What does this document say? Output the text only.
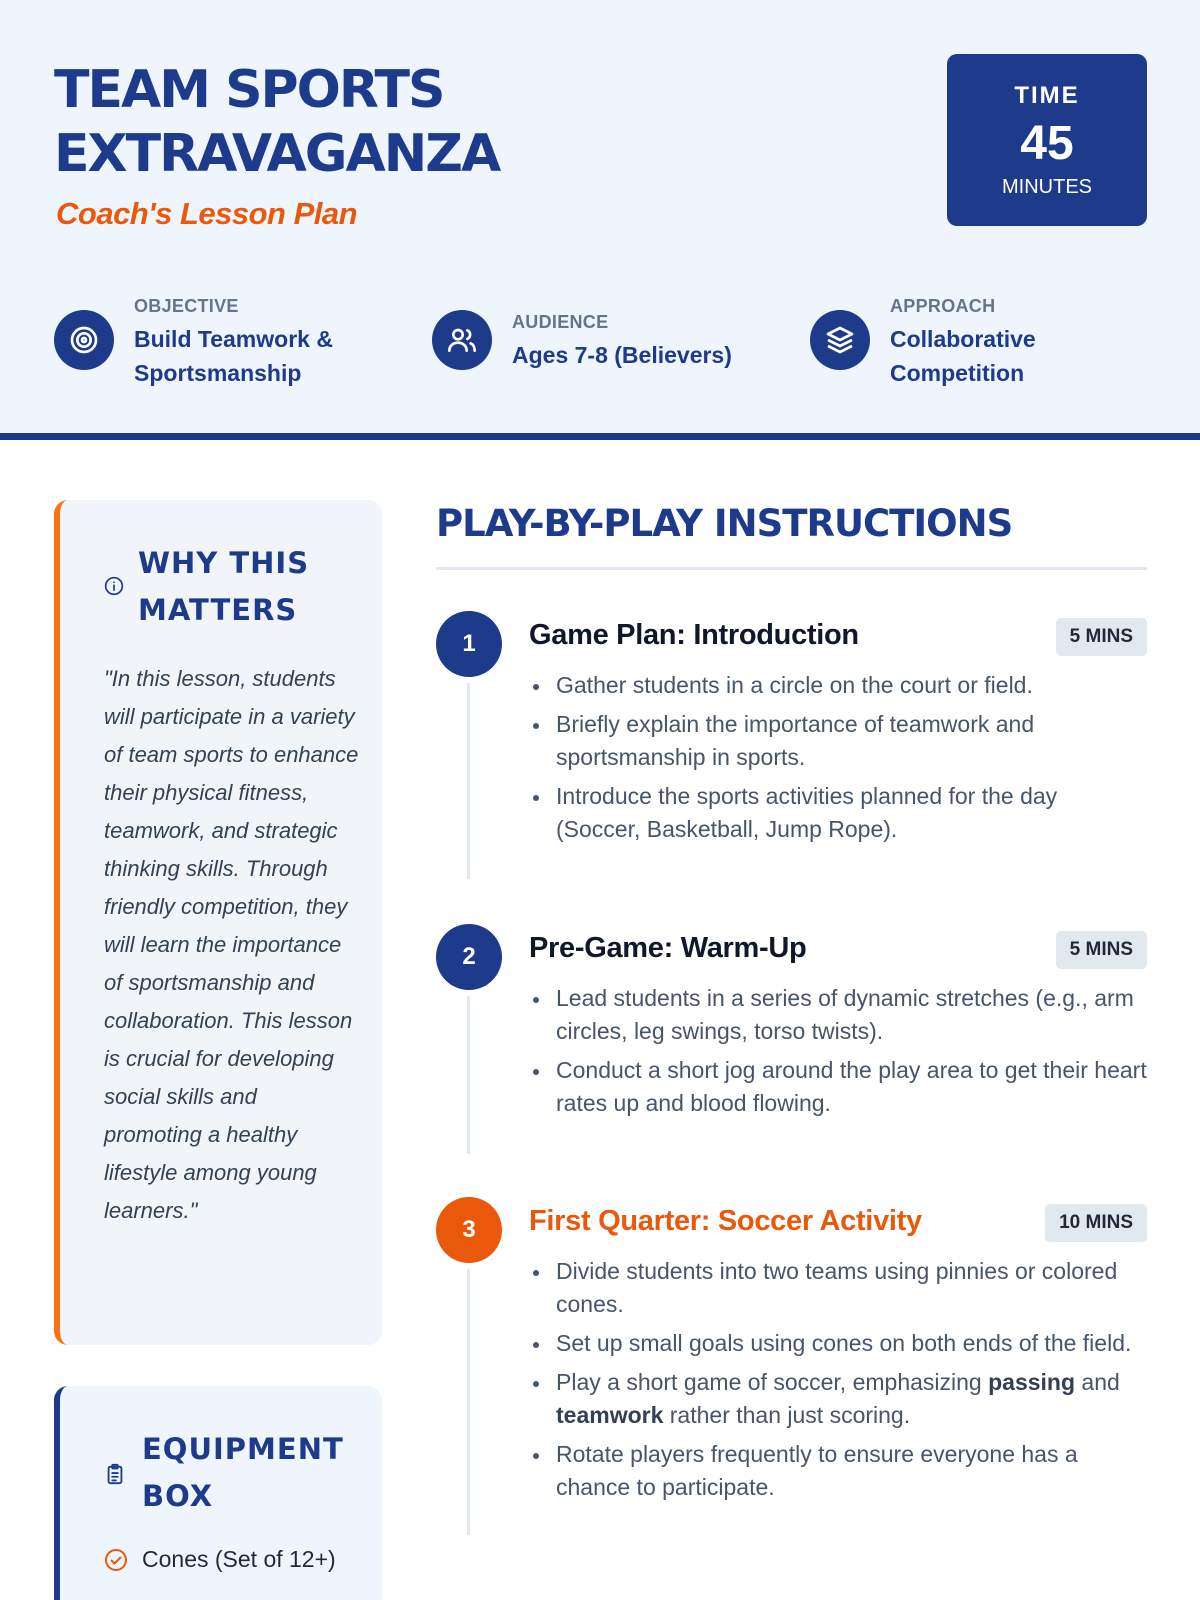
TEAM SPORTS
EXTRAVAGANZA
Coach's Lesson Plan
TIME
45
MINUTES
OBJECTIVE
Build Teamwork &
Sportsmanship
AUDIENCE
Ages 7-8 (Believers)
APPROACH
Collaborative
Competition
WHY THIS
MATTERS
"In this lesson, students will participate in a variety of team sports to enhance their physical fitness, teamwork, and strategic thinking skills. Through friendly competition, they will learn the importance of sportsmanship and collaboration. This lesson is crucial for developing social skills and promoting a healthy lifestyle among young learners."
EQUIPMENT
BOX
Cones (Set of 12+)
PLAY-BY-PLAY INSTRUCTIONS
1	Game Plan: Introduction	5 MINS
Gather students in a circle on the court or field.
Briefly explain the importance of teamwork and sportsmanship in sports.
Introduce the sports activities planned for the day (Soccer, Basketball, Jump Rope).
2	Pre-Game: Warm-Up	5 MINS
Lead students in a series of dynamic stretches (e.g., arm circles, leg swings, torso twists).
Conduct a short jog around the play area to get their heart rates up and blood flowing.
3	First Quarter: Soccer Activity	10 MINS
Divide students into two teams using pinnies or colored cones.
Set up small goals using cones on both ends of the field.
Play a short game of soccer, emphasizing passing and teamwork rather than just scoring.
Rotate players frequently to ensure everyone has a chance to participate.
